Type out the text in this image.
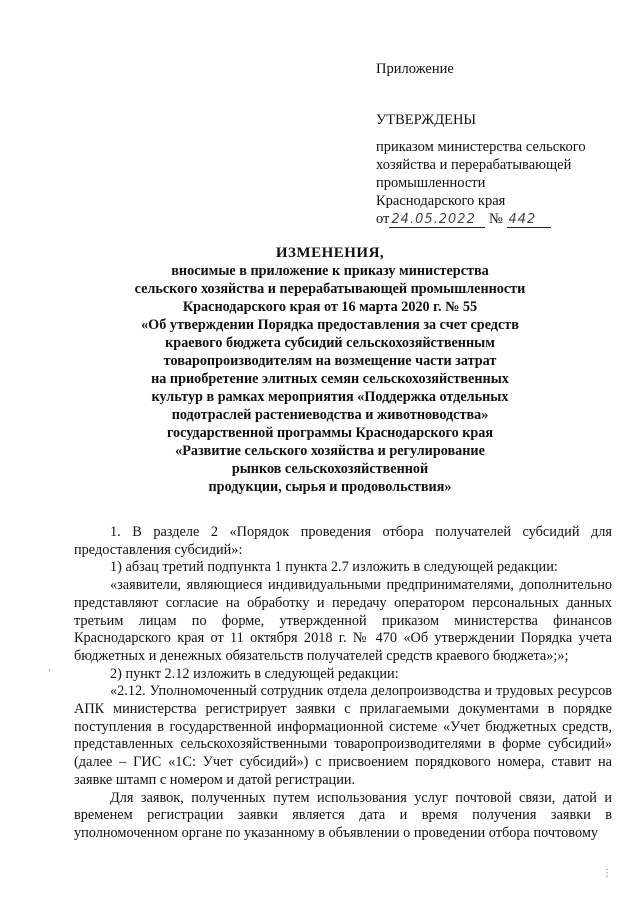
Приложение
УТВЕРЖДЕНЫ
приказом министерства сельского
хозяйства и перерабатывающей
промышленности
Краснодарского края
от 24.05.2022 № 442
ИЗМЕНЕНИЯ,
вносимые в приложение к приказу министерства
сельского хозяйства и перерабатывающей промышленности
Краснодарского края от 16 марта 2020 г. № 55
«Об утверждении Порядка предоставления за счет средств
краевого бюджета субсидий сельскохозяйственным
товаропроизводителям на возмещение части затрат
на приобретение элитных семян сельскохозяйственных
культур в рамках мероприятия «Поддержка отдельных
подотраслей растениеводства и животноводства»
государственной программы Краснодарского края
«Развитие сельского хозяйства и регулирование
рынков сельскохозяйственной
продукции, сырья и продовольствия»

1. В разделе 2 «Порядок проведения отбора получателей субсидий для предоставления субсидий»:

1) абзац третий подпункта 1 пункта 2.7 изложить в следующей редакции:

«заявители, являющиеся индивидуальными предпринимателями, дополнительно представляют согласие на обработку и передачу оператором персональных данных третьим лицам по форме, утвержденной приказом министерства финансов Краснодарского края от 11 октября 2018 г. № 470 «Об утверждении Порядка учета бюджетных и денежных обязательств получателей средств краевого бюджета»;»;

2) пункт 2.12 изложить в следующей редакции:

«2.12. Уполномоченный сотрудник отдела делопроизводства и трудовых ресурсов АПК министерства регистрирует заявки с прилагаемыми документами в порядке поступления в государственной информационной системе «Учет бюджетных средств, представленных сельскохозяйственными товаропроизводителями в форме субсидий» (далее – ГИС «1С: Учет субсидий») с присвоением порядкового номера, ставит на заявке штамп с номером и датой регистрации.

Для заявок, полученных путем использования услуг почтовой связи, датой и временем регистрации заявки является дата и время получения заявки в уполномоченном органе по указанному в объявлении о проведении отбора почтовому

⋮
·
